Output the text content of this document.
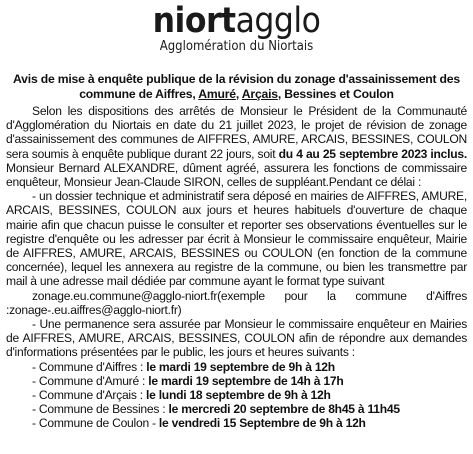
niortagglo
Agglomération du Niortais
Avis de mise à enquête publique de la révision du zonage d'assainissement des
commune de Aiffres, Amuré, Arçais, Bessines et Coulon

Selon les dispositions des arrêtés de Monsieur le Président de la Communauté d'Agglomération du Niortais en date du 21 juillet 2023, le projet de révision de zonage d'assainissement des communes de AIFFRES, AMURE, ARCAIS, BESSINES, COULON sera soumis à enquête publique durant 22 jours, soit du 4 au 25 septembre 2023 inclus. Monsieur Bernard ALEXANDRE, dûment agréé, assurera les fonctions de commissaire enquêteur, Monsieur Jean-Claude SIRON, celles de suppléant.Pendant ce délai :

- un dossier technique et administratif sera déposé en mairies de AIFFRES, AMURE, ARCAIS, BESSINES, COULON aux jours et heures habituels d'ouverture de chaque mairie afin que chacun puisse le consulter et reporter ses observations éventuelles sur le registre d'enquête ou les adresser par écrit à Monsieur le commissaire enquêteur, Mairie de AIFFRES, AMURE, ARCAIS, BESSINES ou COULON (en fonction de la commune concernée), lequel les annexera au registre de la commune, ou bien les transmettre par mail à une adresse mail dédiée par commune ayant le format type suivant

zonage.eu.commune@agglo-niort.fr(exemple pour la commune d'Aiffres :zonage-.eu.aiffres@agglo-niort.fr)

- Une permanence sera assurée par Monsieur le commissaire enquêteur en Mairies de AIFFRES, AMURE, ARCAIS, BESSINES, COULON afin de répondre aux demandes d'informations présentées par le public, les jours et heures suivants :

- Commune d'Aiffres : le mardi 19 septembre de 9h à 12h
- Commune d'Amuré : le mardi 19 septembre de 14h à 17h
- Commune d'Arçais : le lundi 18 septembre de 9h à 12h
- Commune de Bessines : le mercredi 20 septembre de 8h45 à 11h45
- Commune de Coulon - le vendredi 15 Septembre de 9h à 12h
